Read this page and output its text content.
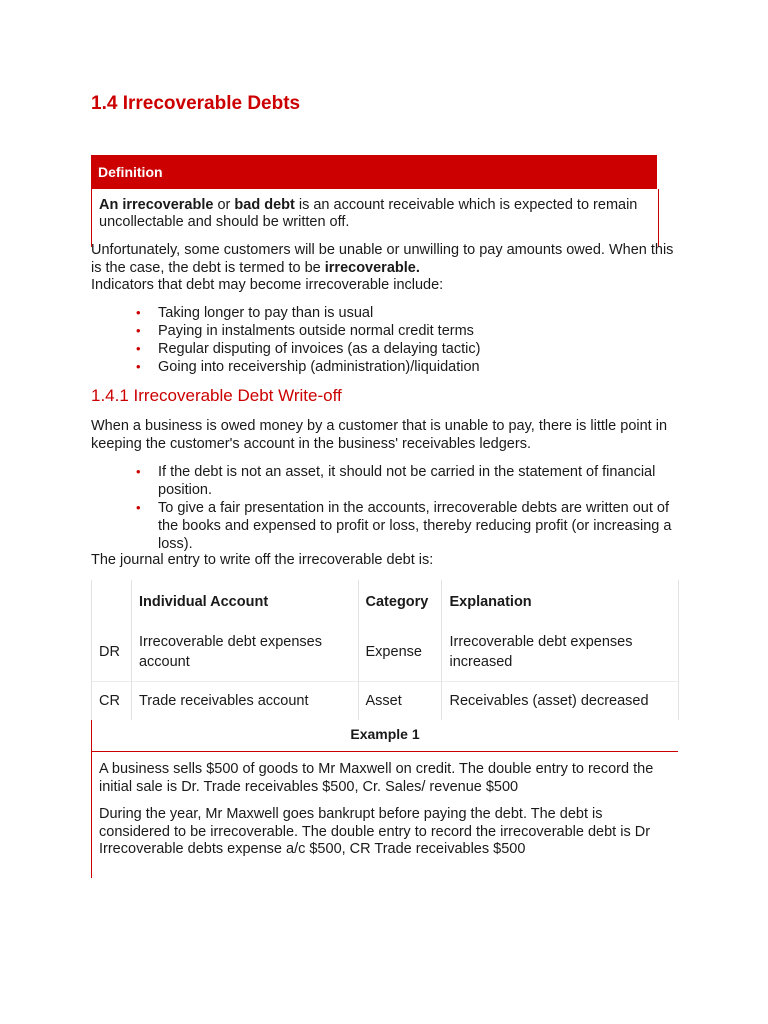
1.4 Irrecoverable Debts
Definition
An irrecoverable or bad debt is an account receivable which is expected to remain uncollectable and should be written off.

Unfortunately, some customers will be unable or unwilling to pay amounts owed. When this is the case, the debt is termed to be irrecoverable.
Indicators that debt may become irrecoverable include:

• Taking longer to pay than is usual
• Paying in instalments outside normal credit terms
• Regular disputing of invoices (as a delaying tactic)
• Going into receivership (administration)/liquidation
1.4.1 Irrecoverable Debt Write-off

When a business is owed money by a customer that is unable to pay, there is little point in keeping the customer's account in the business' receivables ledgers.

• If the debt is not an asset, it should not be carried in the statement of financial position.
• To give a fair presentation in the accounts, irrecoverable debts are written out of the books and expensed to profit or loss, thereby reducing profit (or increasing a loss).

The journal entry to write off the irrecoverable debt is:

	Individual Account	Category	Explanation
DR	Irrecoverable debt expenses account	Expense	Irrecoverable debt expenses increased
CR	Trade receivables account	Asset	Receivables (asset) decreased
Example 1

A business sells $500 of goods to Mr Maxwell on credit. The double entry to record the initial sale is Dr. Trade receivables $500, Cr. Sales/ revenue $500

During the year, Mr Maxwell goes bankrupt before paying the debt. The debt is considered to be irrecoverable. The double entry to record the irrecoverable debt is Dr Irrecoverable debts expense a/c $500, CR Trade receivables $500
